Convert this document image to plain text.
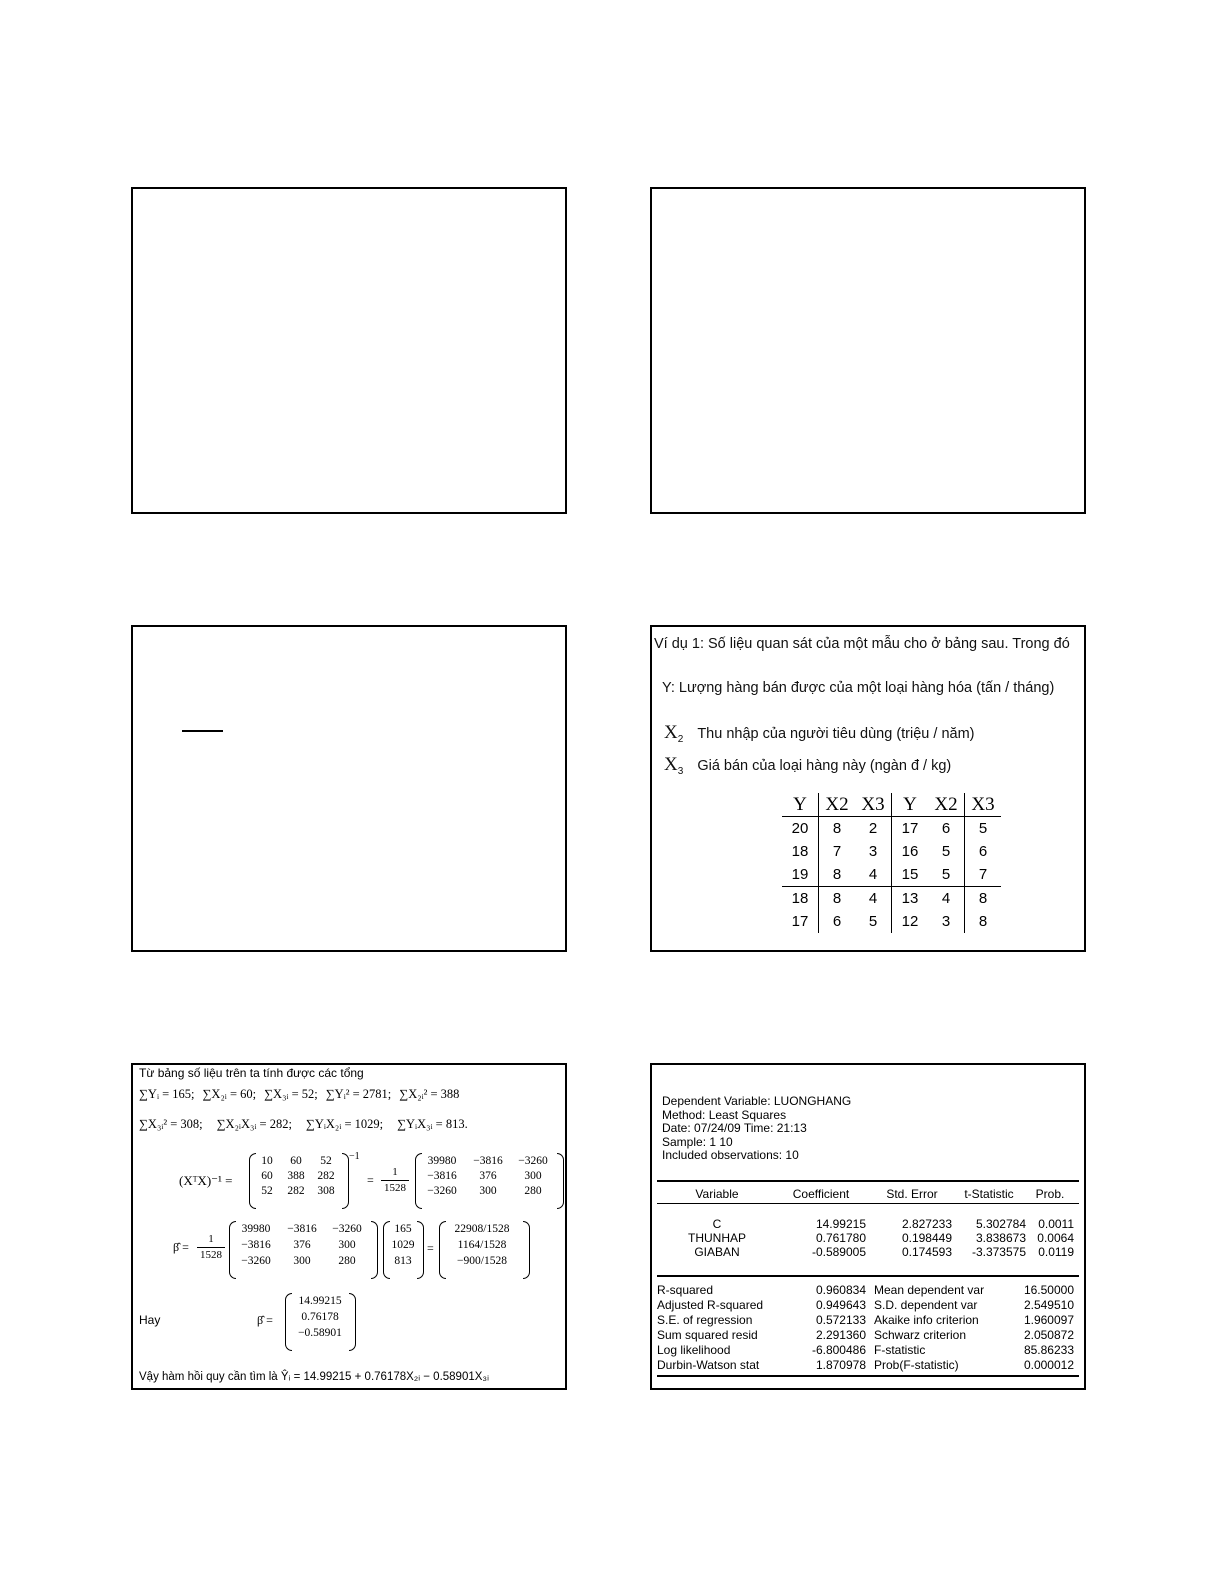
Ví dụ 1: Số liệu quan sát của một mẫu cho ở bảng sau. Trong đó
Y: Lượng hàng bán được của một loại hàng hóa (tấn / tháng)
$X_2$ Thu nhập của người tiêu dùng (triệu / năm)
$X_3$ Giá bán của loại hàng này (ngàn đ / kg)
Y	X2	X3	Y	X2	X3
20	8	2	17	6	5
18	7	3	16	5	6
19	8	4	15	5	7
18	8	4	13	4	8
17	6	5	12	3	8
Từ bảng số liệu trên ta tính được các tổng
∑Yᵢ = 165; ∑X₂ᵢ = 60; ∑X₃ᵢ = 52; ∑Yᵢ² = 2781; ∑X₂ᵢ² = 388
∑X₃ᵢ² = 308; ∑X₂ᵢX₃ᵢ = 282; ∑YᵢX₂ᵢ = 1029; ∑YᵢX₃ᵢ = 813.
(XᵀX)⁻¹ =
10	60	52
60	388	282
52	282	308
−1
=
1
1528
39980	−3816	−3260
−3816	376	300
−3260	300	280
β̂ =
1
1528
39980	−3816	−3260
−3816	376	300
−3260	300	280
165
1029
813
=
22908/1528
1164/1528
−900/1528
Hay	β̂ =
14.99215
0.76178
−0.58901
Vậy hàm hồi quy cần tìm là Ŷᵢ = 14.99215 + 0.76178X₂ᵢ − 0.58901X₃ᵢ
Dependent Variable: LUONGHANG
Method: Least Squares
Date: 07/24/09 Time: 21:13
Sample: 1 10
Included observations: 10
Variable	Coefficient	Std. Error	t-Statistic	Prob.
C	14.99215	2.827233	5.302784	0.0011
THUNHAP	0.761780	0.198449	3.838673 0.0064
GIABAN	-0.589005	0.174593	-3.373575	0.0119
R-squared	0.960834 Mean dependent var	16.50000
Adjusted R-squared	0.949643 S.D. dependent var	2.549510
S.E. of regression	0.572133 Akaike info criterion	1.960097
Sum squared resid	2.291360 Schwarz criterion	2.050872
Log likelihood	-6.800486 F-statistic	85.86233
Durbin-Watson stat	1.870978 Prob(F-statistic)	0.000012
